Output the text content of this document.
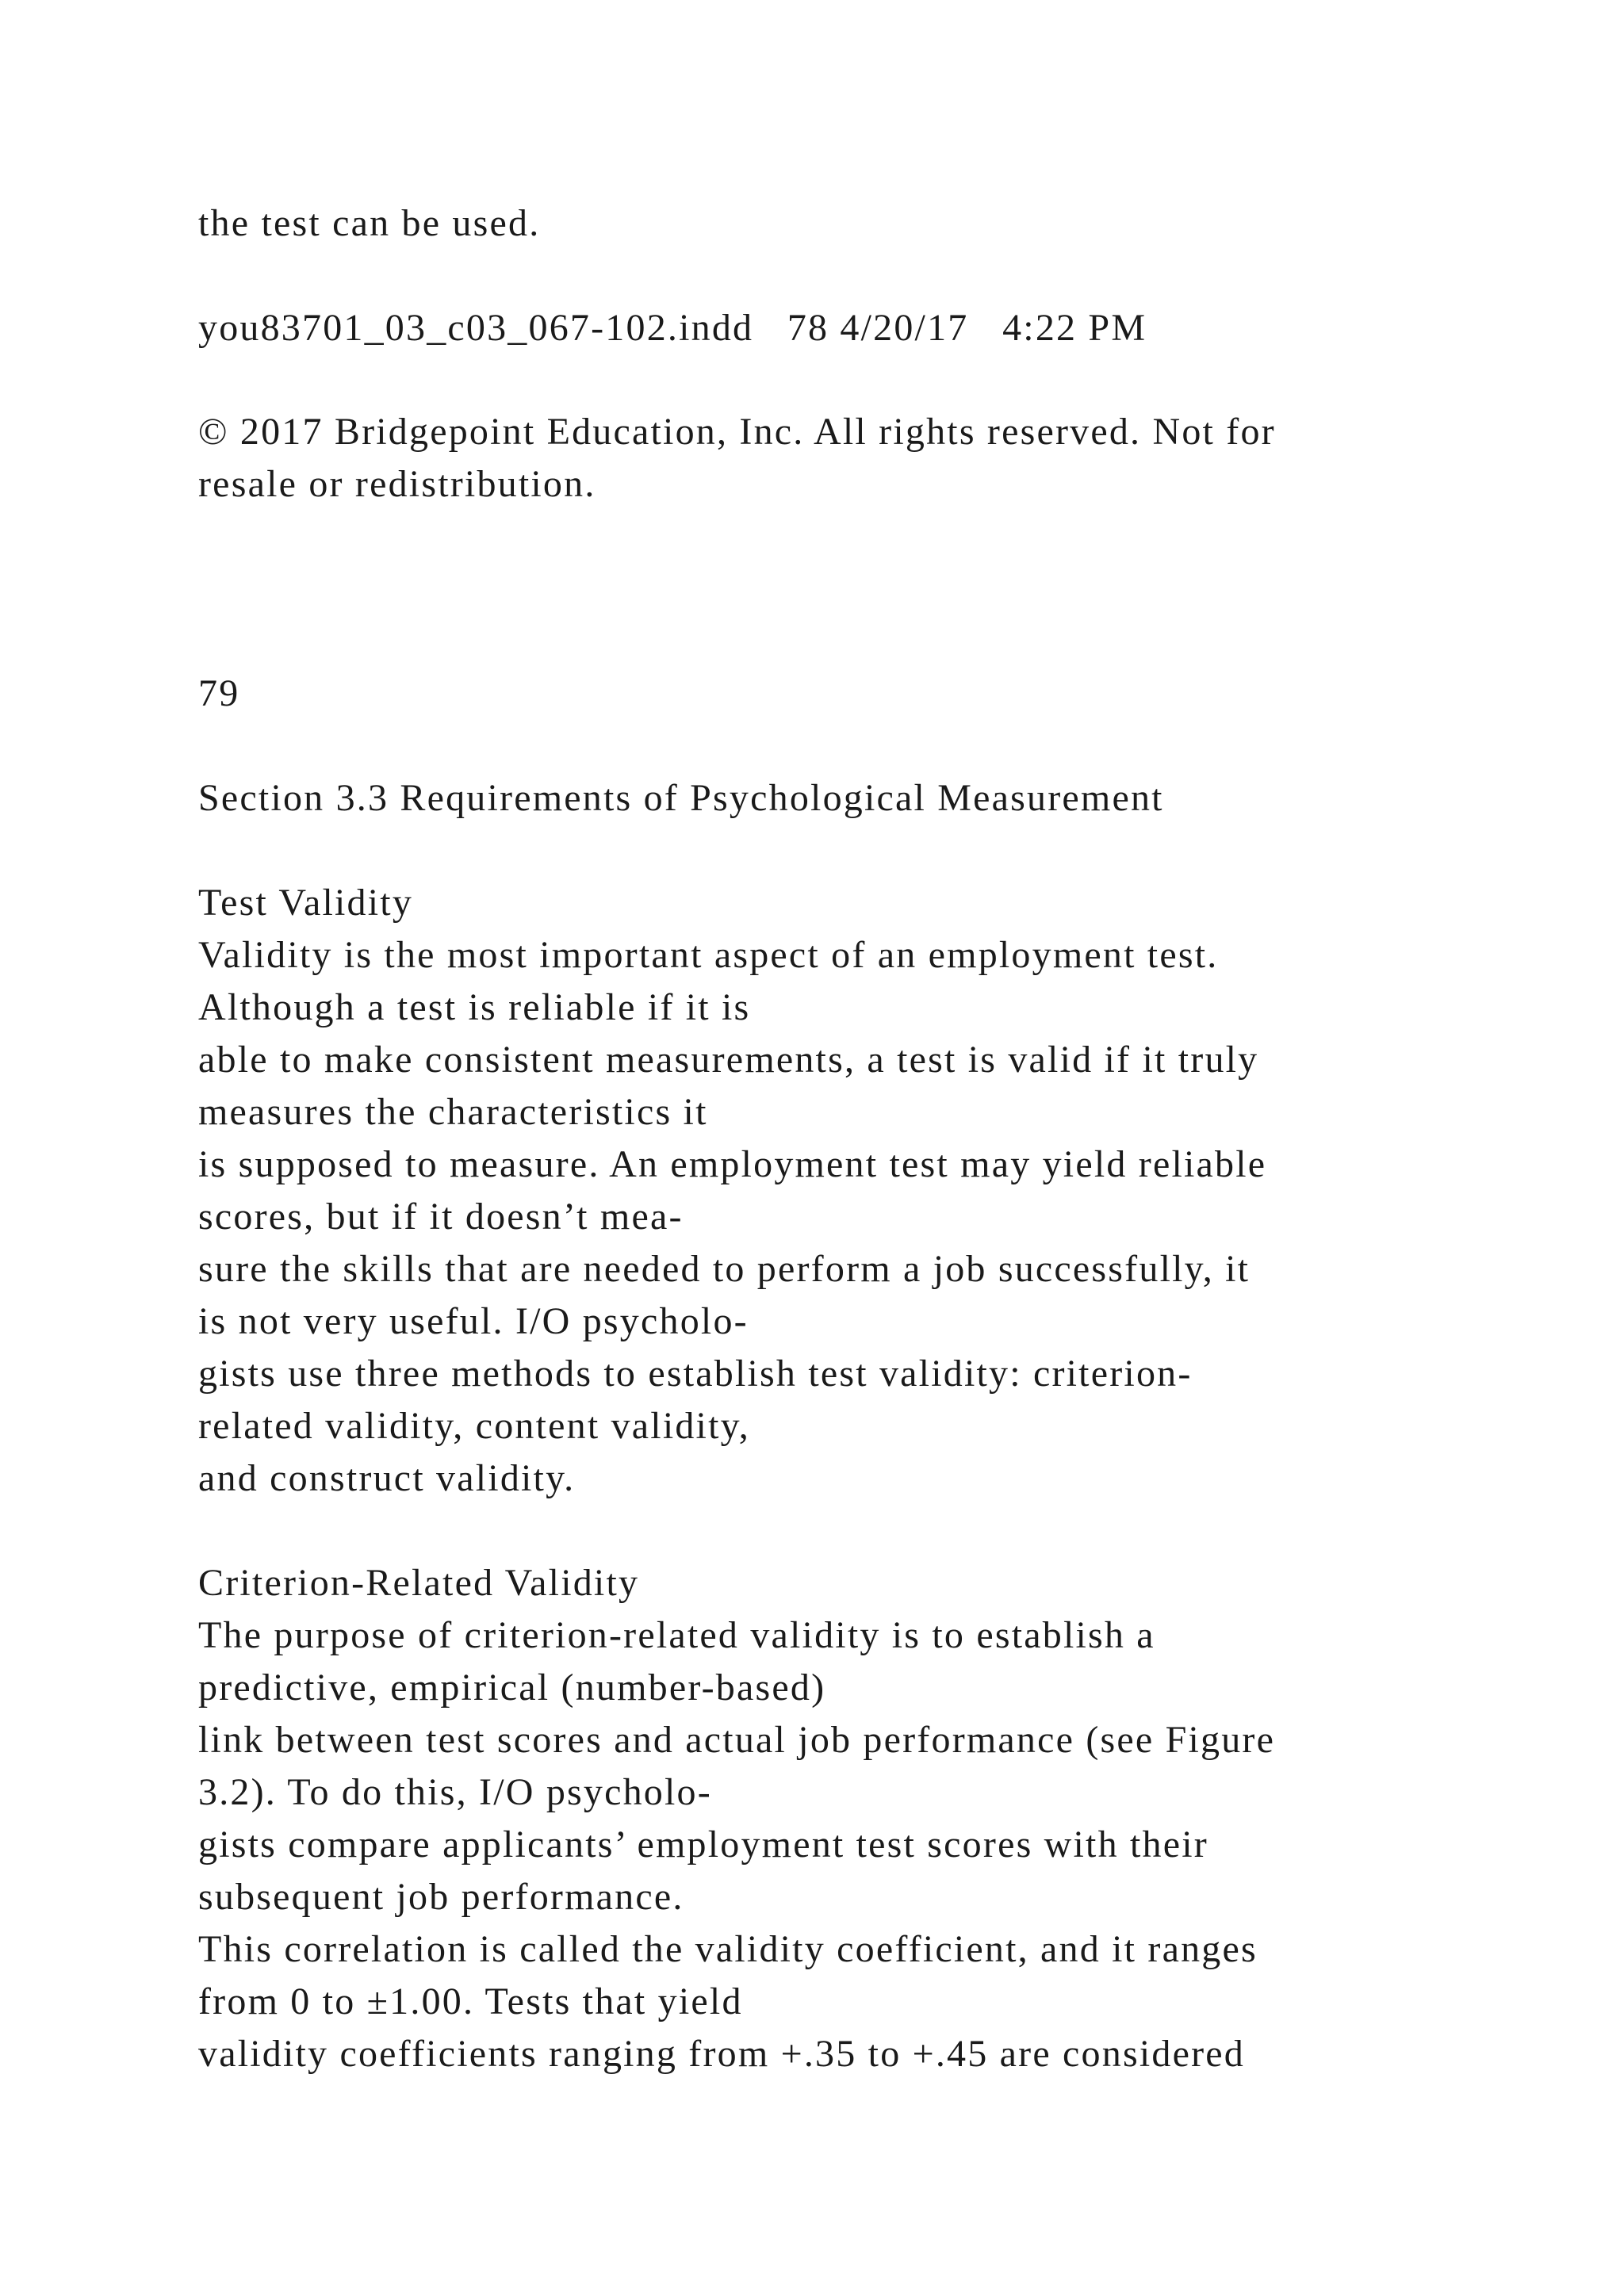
the test can be used.
you83701_03_c03_067-102.indd   78 4/20/17   4:22 PM
© 2017 Bridgepoint Education, Inc. All rights reserved. Not for
resale or redistribution.
79
Section 3.3 Requirements of Psychological Measurement
Test Validity
Validity is the most important aspect of an employment test.
Although a test is reliable if it is
able to make consistent measurements, a test is valid if it truly
measures the characteristics it
is supposed to measure. An employment test may yield reliable
scores, but if it doesn’t mea-
sure the skills that are needed to perform a job successfully, it
is not very useful. I/O psycholo-
gists use three methods to establish test validity: criterion-
related validity, content validity,
and construct validity.
Criterion-Related Validity
The purpose of criterion-related validity is to establish a
predictive, empirical (number-based)
link between test scores and actual job performance (see Figure
3.2). To do this, I/O psycholo-
gists compare applicants’ employment test scores with their
subsequent job performance.
This correlation is called the validity coefficient, and it ranges
from 0 to ±1.00. Tests that yield
validity coefficients ranging from +.35 to +.45 are considered
